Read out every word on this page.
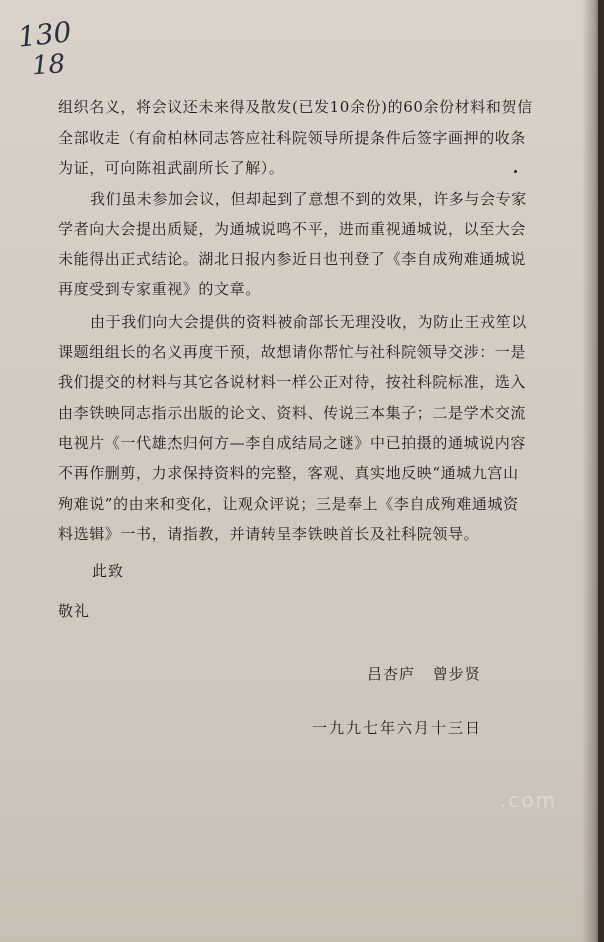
130
18
组织名义，将会议还未来得及散发(已发10余份)的60余份材料和贺信
全部收走（有俞柏林同志答应社科院领导所提条件后签字画押的收条
为证，可向陈祖武副所长了解）。
我们虽未参加会议，但却起到了意想不到的效果，许多与会专家
学者向大会提出质疑，为通城说鸣不平，进而重视通城说，以至大会
未能得出正式结论。湖北日报内参近日也刊登了《李自成殉难通城说
再度受到专家重视》的文章。
由于我们向大会提供的资料被俞部长无理没收，为防止王戎笙以
课题组组长的名义再度干预，故想请你帮忙与社科院领导交涉：一是
我们提交的材料与其它各说材料一样公正对待，按社科院标准，选入
由李铁映同志指示出版的论文、资料、传说三本集子；二是学术交流
电视片《一代雄杰归何方—李自成结局之谜》中已拍摄的通城说内容
不再作删剪，力求保持资料的完整，客观、真实地反映“通城九宫山
殉难说”的由来和变化，让观众评说；三是奉上《李自成殉难通城资
料选辑》一书，请指教，并请转呈李铁映首长及社科院领导。
此致
敬礼
吕杏庐 曾步贤
一九九七年六月十三日
.com
